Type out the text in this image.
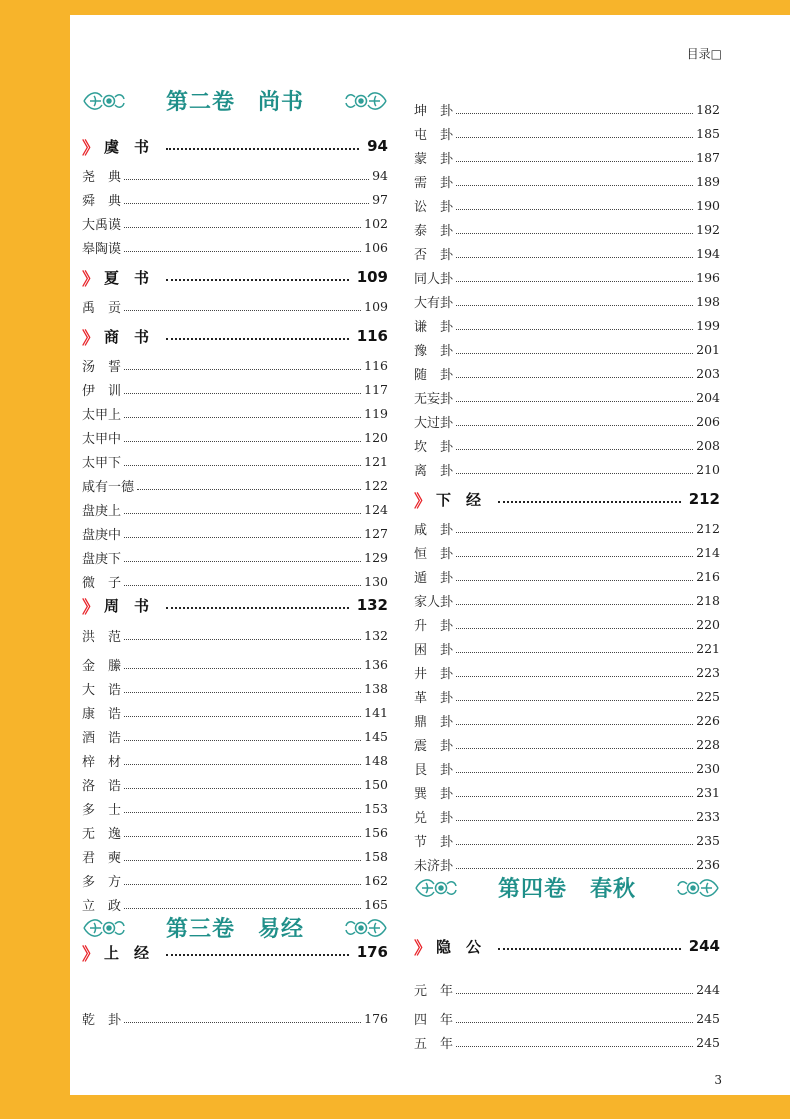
目录□
3
第二卷　尚书
》 虞　书	94
尧　典	94
舜　典	97
大禹谟	102
皋陶谟	106
》 夏　书	109
禹　贡	109
》 商　书	116
汤　誓	116
伊　训	117
太甲上	119
太甲中	120
太甲下	121
咸有一德	122
盘庚上	124
盘庚中	127
盘庚下	129
微　子	130
》 周　书	132
洪　范	132
金　縢	136
大　诰	138
康　诰	141
酒　诰	145
梓　材	148
洛　诰	150
多　士	153
无　逸	156
君　奭	158
多　方	162
立　政	165
第三卷　易经
》 上　经	176
乾　卦	176
坤　卦	182
屯　卦	185
蒙　卦	187
需　卦	189
讼　卦	190
泰　卦	192
否　卦	194
同人卦	196
大有卦	198
谦　卦	199
豫　卦	201
随　卦	203
无妄卦	204
大过卦	206
坎　卦	208
离　卦	210
》 下　经	212
咸　卦	212
恒　卦	214
遁　卦	216
家人卦	218
升　卦	220
困　卦	221
井　卦	223
革　卦	225
鼎　卦	226
震　卦	228
艮　卦	230
巽　卦	231
兑　卦	233
节　卦	235
未济卦	236
第四卷　春秋
》 隐　公	244
元　年	244
四　年	245
五　年	245
